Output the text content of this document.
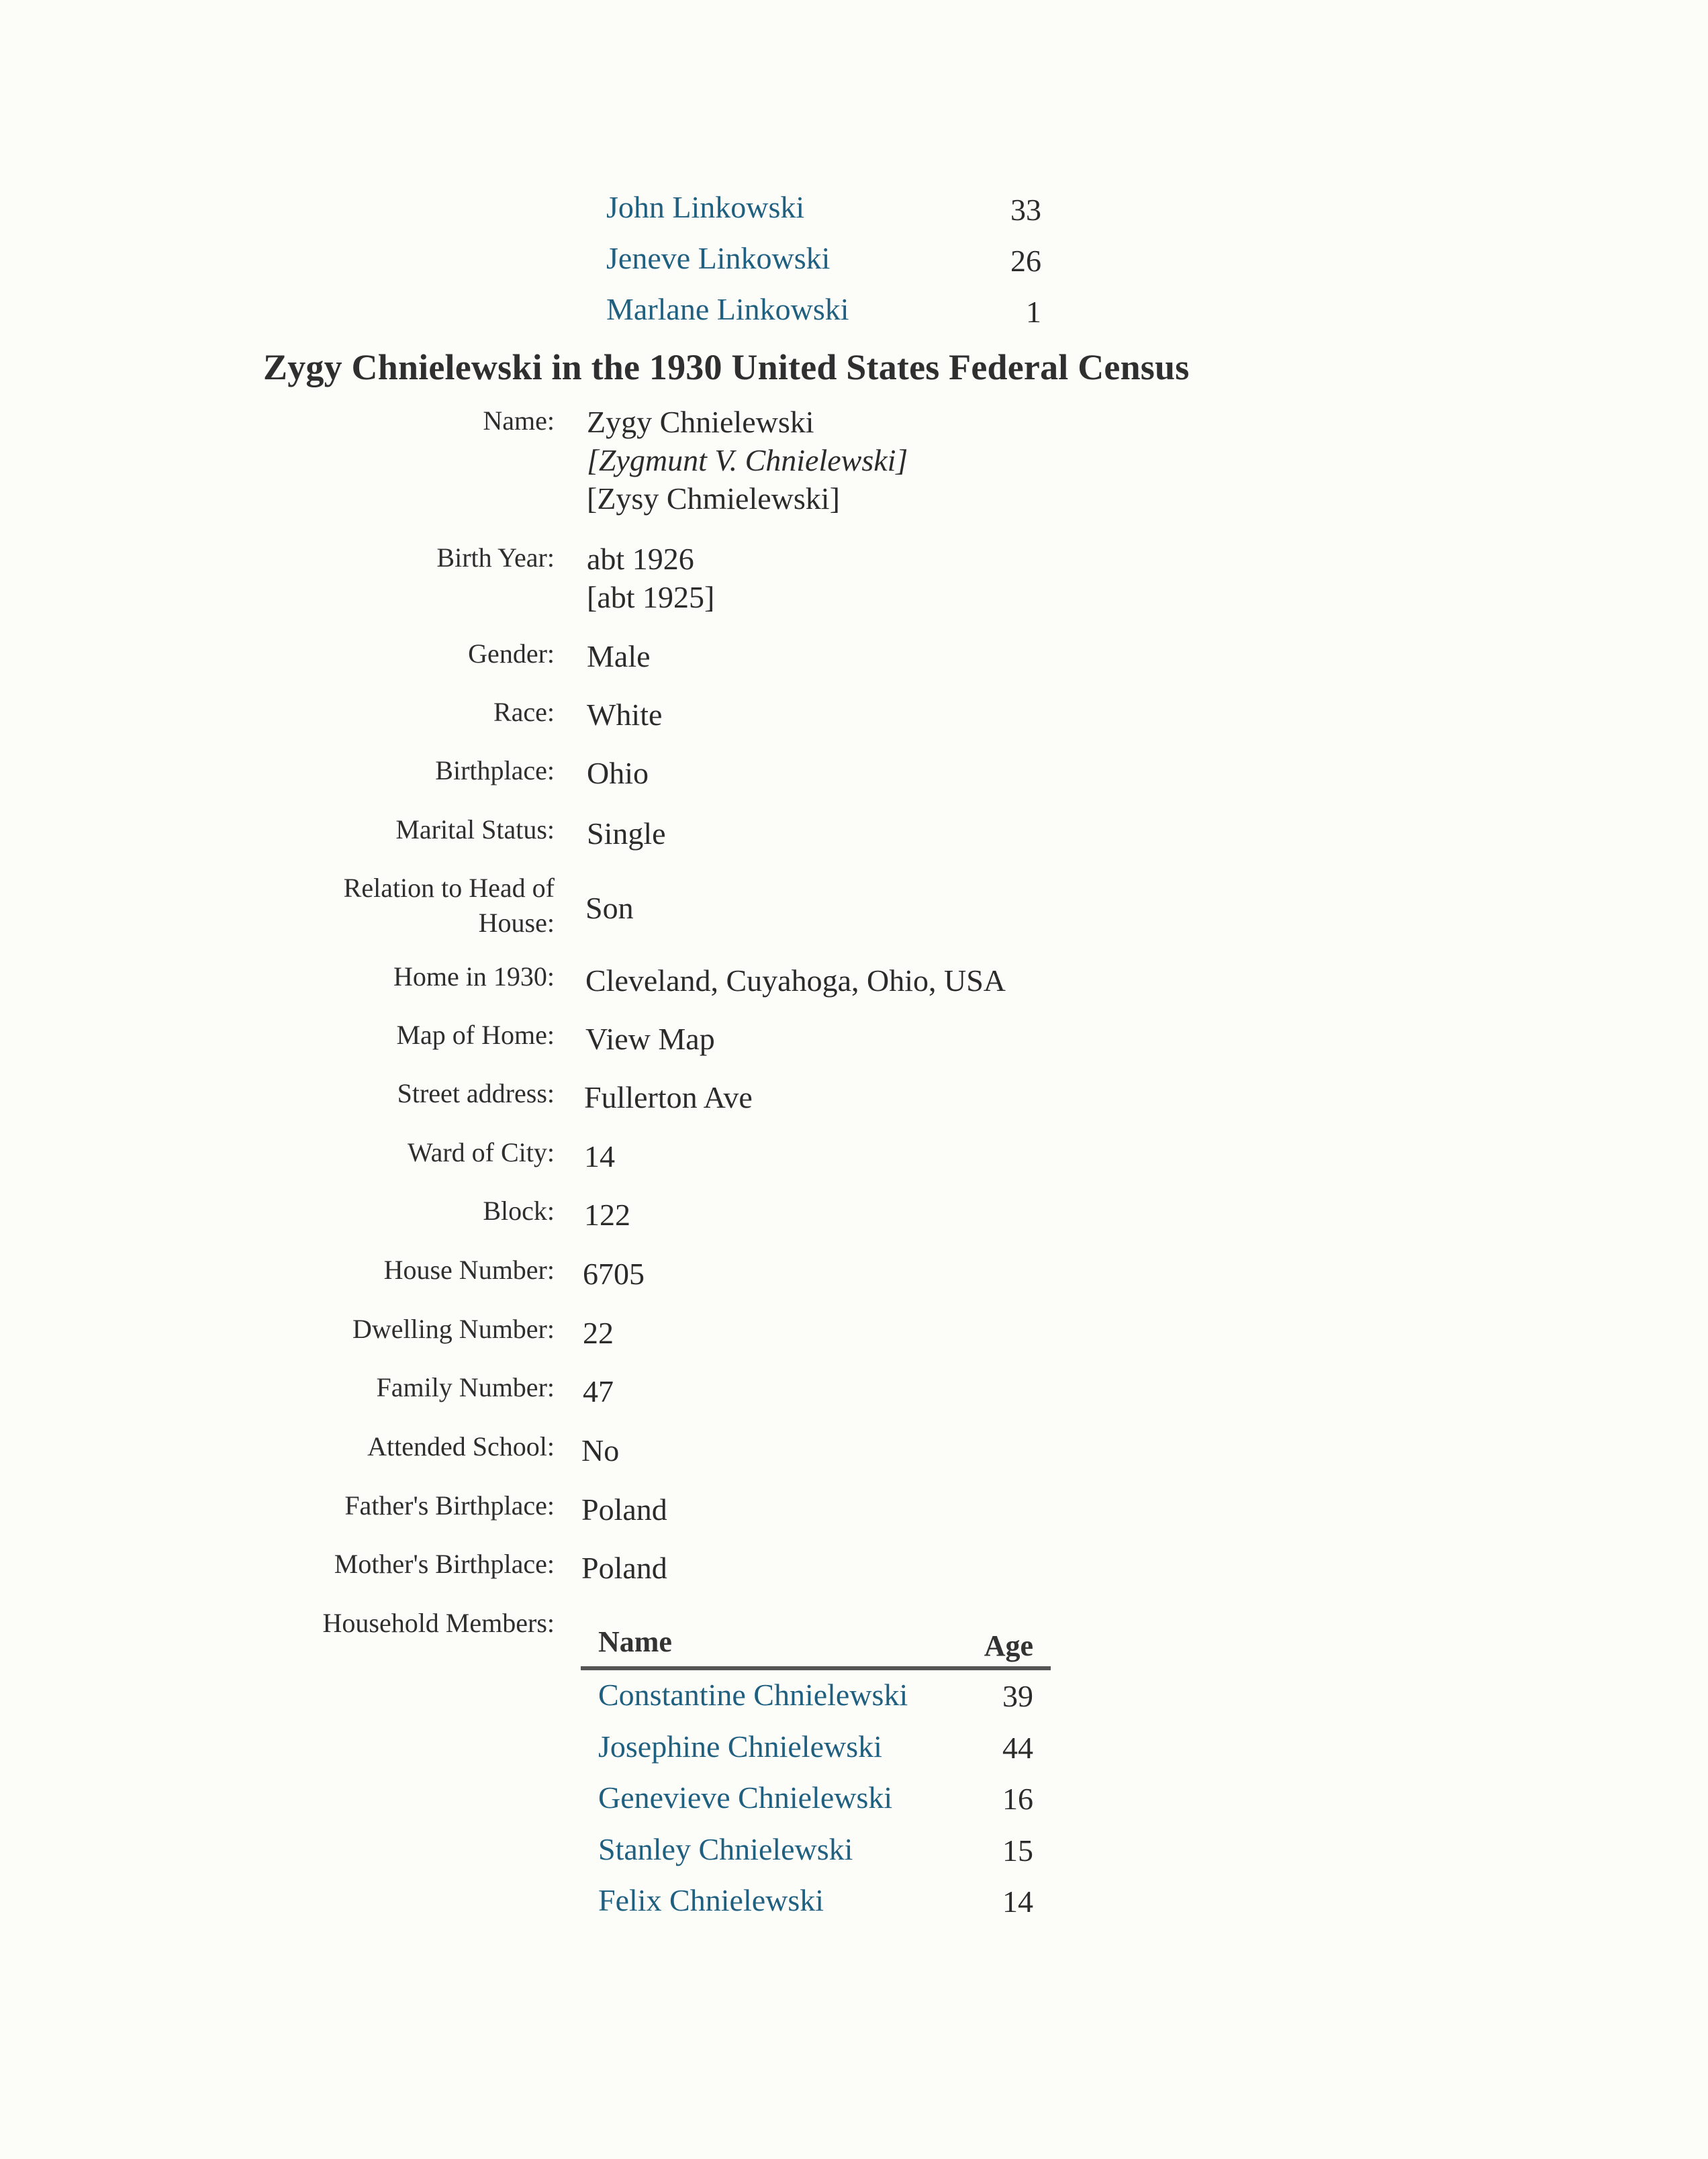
John Linkowski	33
Jeneve Linkowski	26
Marlane Linkowski	1
Zygy Chnielewski in the 1930 United States Federal Census
Name: Zygy Chnielewski
[Zygmunt V. Chnielewski]
[Zysy Chmielewski]
Birth Year: abt 1926
[abt 1925]
Gender: Male
Race: White
Birthplace: Ohio
Marital Status: Single
Relation to Head of
House: Son
Home in 1930: Cleveland, Cuyahoga, Ohio, USA
Map of Home: View Map
Street address: Fullerton Ave
Ward of City: 14
Block: 122
House Number: 6705
Dwelling Number: 22
Family Number: 47
Attended School: No
Father's Birthplace: Poland
Mother's Birthplace: Poland
Household Members:
Name	Age
Constantine Chnielewski	39
Josephine Chnielewski	44
Genevieve Chnielewski	16
Stanley Chnielewski	15
Felix Chnielewski	14
